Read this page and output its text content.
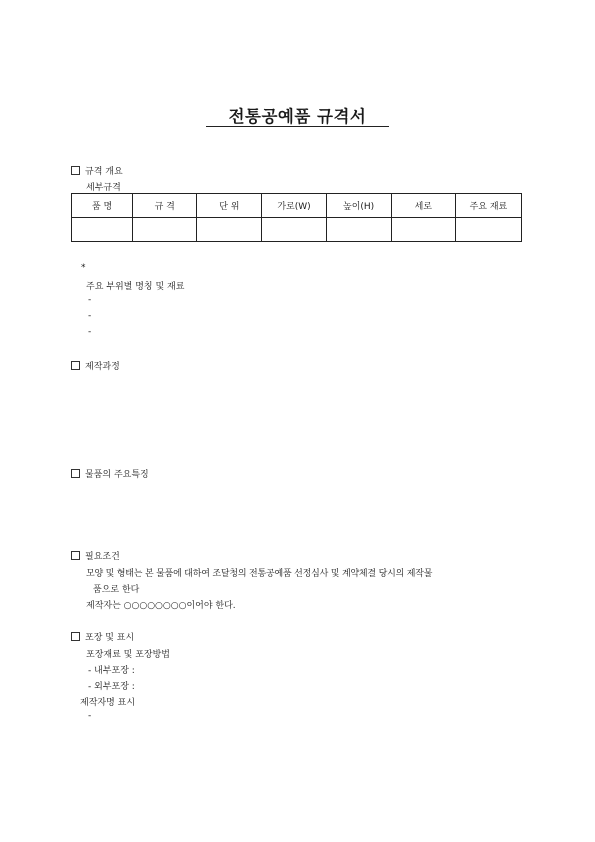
전통공예품 규격서
규격 개요
세부규격
품 명	규 격	단 위	가로(W)	높이(H)	세로	주요 재료

*
주요 부위별 명칭 및 재료
-
-
-
제작과정
물품의 주요특징
필요조건
모양 및 형태는 본 물품에 대하여 조달청의 전통공예품 선정심사 및 계약체결 당시의 제작물
품으로 한다
제작자는 ○○○○○○○○이어야 한다.
포장 및 표시
포장재료 및 포장방법
- 내부포장 :
- 외부포장 :
제작자명 표시
-
